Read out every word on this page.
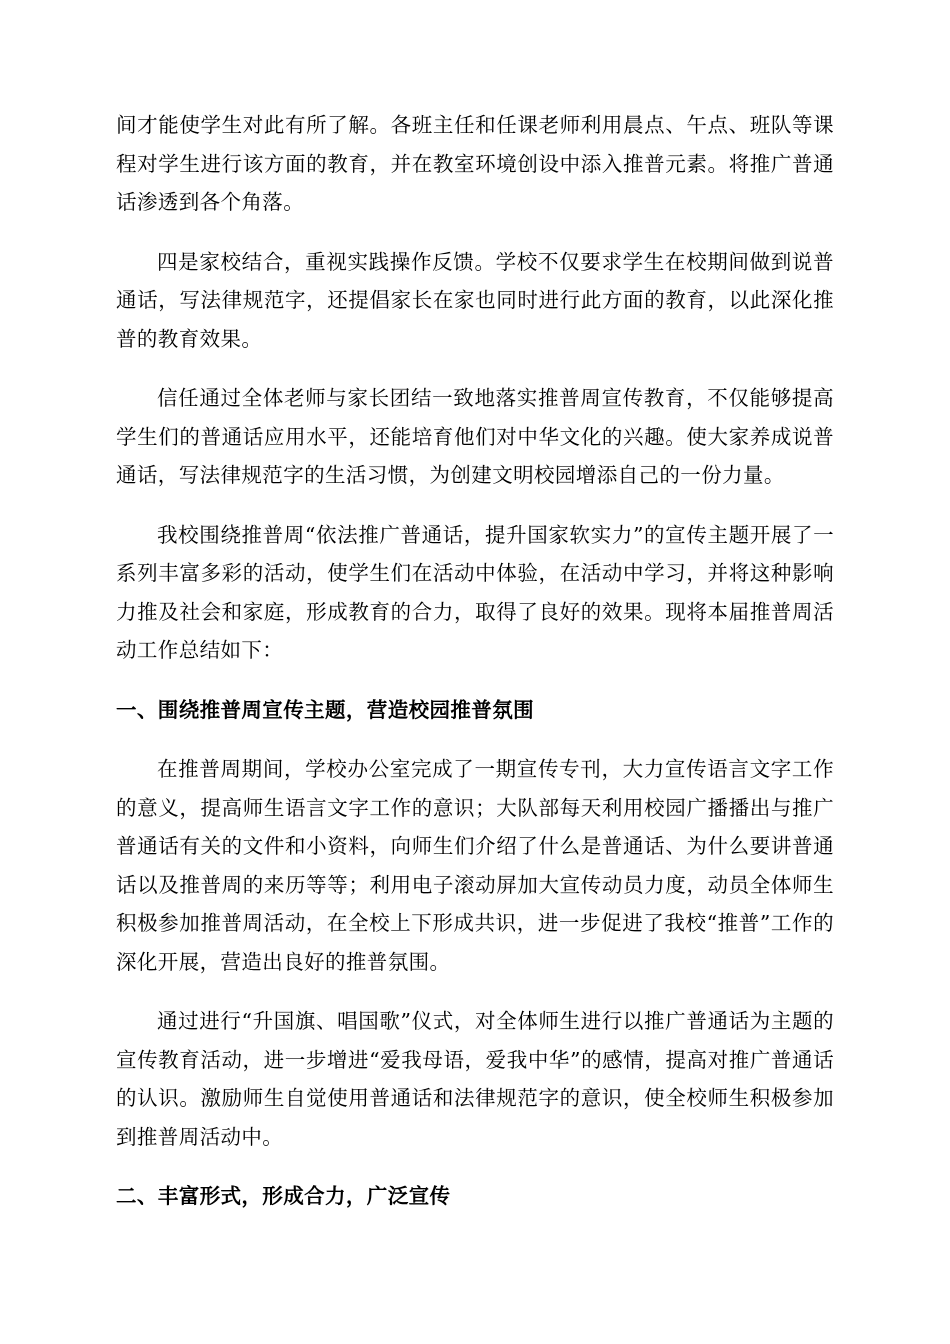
间才能使学生对此有所了解。各班主任和任课老师利用晨点、午点、班队等课程对学生进行该方面的教育，并在教室环境创设中添入推普元素。将推广普通话渗透到各个角落。

四是家校结合，重视实践操作反馈。学校不仅要求学生在校期间做到说普通话，写法律规范字，还提倡家长在家也同时进行此方面的教育，以此深化推普的教育效果。

信任通过全体老师与家长团结一致地落实推普周宣传教育，不仅能够提高学生们的普通话应用水平，还能培育他们对中华文化的兴趣。使大家养成说普通话，写法律规范字的生活习惯，为创建文明校园增添自己的一份力量。

我校围绕推普周“依法推广普通话，提升国家软实力”的宣传主题开展了一系列丰富多彩的活动，使学生们在活动中体验，在活动中学习，并将这种影响力推及社会和家庭，形成教育的合力，取得了良好的效果。现将本届推普周活动工作总结如下：

一、围绕推普周宣传主题，营造校园推普氛围

在推普周期间，学校办公室完成了一期宣传专刊，大力宣传语言文字工作的意义，提高师生语言文字工作的意识；大队部每天利用校园广播播出与推广普通话有关的文件和小资料，向师生们介绍了什么是普通话、为什么要讲普通话以及推普周的来历等等；利用电子滚动屏加大宣传动员力度，动员全体师生积极参加推普周活动，在全校上下形成共识，进一步促进了我校“推普”工作的深化开展，营造出良好的推普氛围。

通过进行“升国旗、唱国歌”仪式，对全体师生进行以推广普通话为主题的宣传教育活动，进一步增进“爱我母语，爱我中华”的感情，提高对推广普通话的认识。激励师生自觉使用普通话和法律规范字的意识，使全校师生积极参加到推普周活动中。

二、丰富形式，形成合力，广泛宣传
